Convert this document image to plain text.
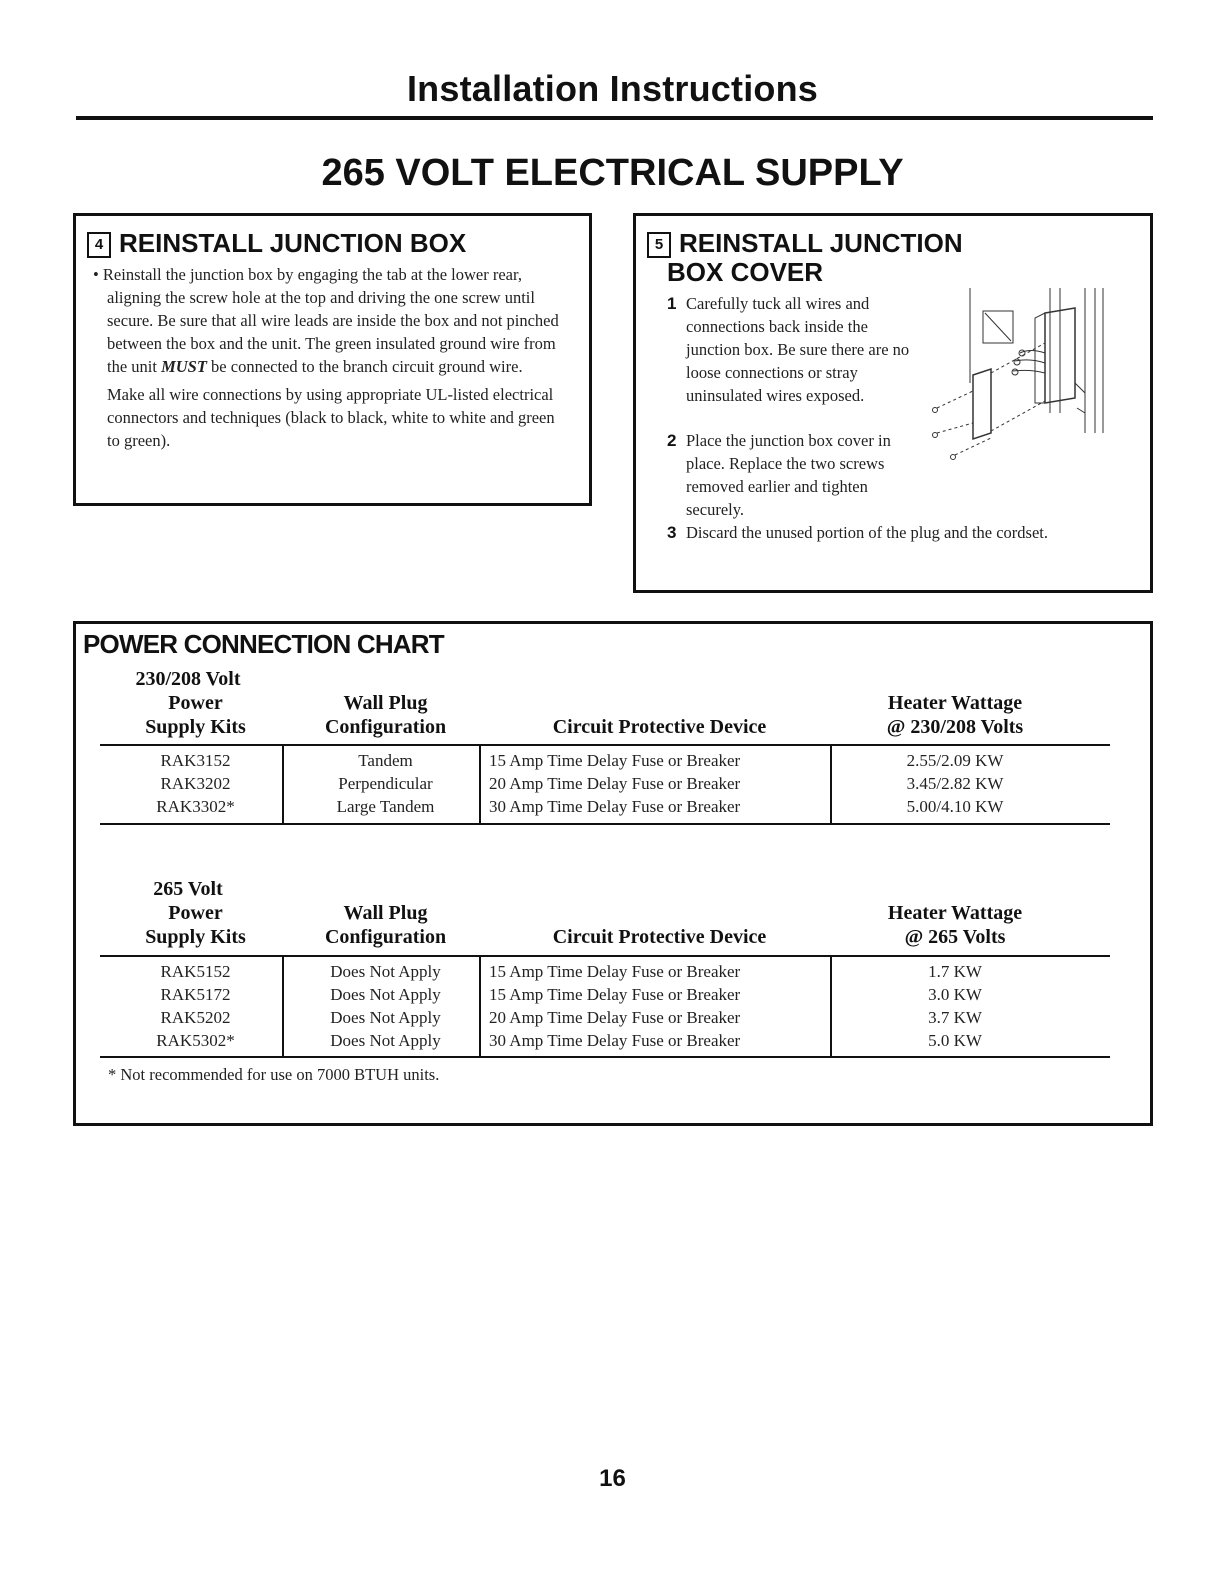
Installation Instructions
265 VOLT ELECTRICAL SUPPLY
4 REINSTALL JUNCTION BOX

• Reinstall the junction box by engaging the tab at the lower rear, aligning the screw hole at the top and driving the one screw until secure. Be sure that all wire leads are inside the box and not pinched between the box and the unit. The green insulated ground wire from the unit MUST be connected to the branch circuit ground wire.

Make all wire connections by using appropriate UL-listed electrical connectors and techniques (black to black, white to white and green to green).

5 REINSTALL JUNCTION
BOX COVER
1 Carefully tuck all wires and connections back inside the junction box. Be sure there are no loose connections or stray uninsulated wires exposed.
2 Place the junction box cover in place. Replace the two screws removed earlier and tighten securely.
3 Discard the unused portion of the plug and the cordset.
POWER CONNECTION CHART
230/208 Volt
Power
Supply Kits
Wall Plug
Configuration	Circuit Protective Device
Heater Wattage
@ 230/208 Volts
RAK3152	Tandem	15 Amp Time Delay Fuse or Breaker	2.55/2.09 KW
RAK3202	Perpendicular	20 Amp Time Delay Fuse or Breaker	3.45/2.82 KW
RAK3302*	Large Tandem	30 Amp Time Delay Fuse or Breaker	5.00/4.10 KW
265 Volt
Power
Supply Kits
Wall Plug
Configuration	Circuit Protective Device
Heater Wattage
@ 265 Volts
RAK5152	Does Not Apply	15 Amp Time Delay Fuse or Breaker	1.7 KW
RAK5172	Does Not Apply	15 Amp Time Delay Fuse or Breaker	3.0 KW
RAK5202	Does Not Apply	20 Amp Time Delay Fuse or Breaker	3.7 KW
RAK5302*	Does Not Apply	30 Amp Time Delay Fuse or Breaker	5.0 KW
* Not recommended for use on 7000 BTUH units.
16
